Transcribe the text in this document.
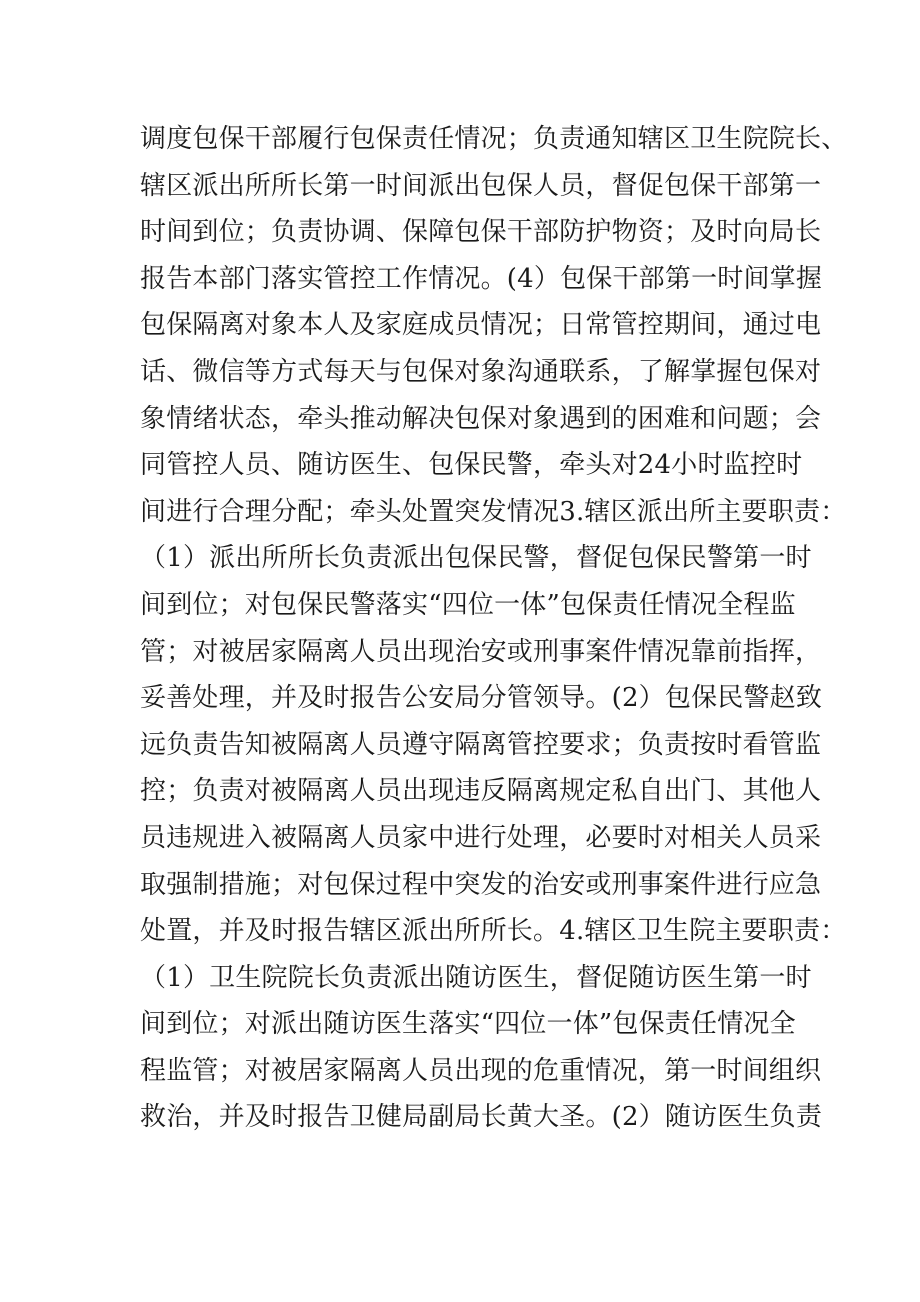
调度包保干部履行包保责任情况；负责通知辖区卫生院院长、
辖区派出所所长第一时间派出包保人员，督促包保干部第一
时间到位；负责协调、保障包保干部防护物资；及时向局长
报告本部门落实管控工作情况。(4）包保干部第一时间掌握
包保隔离对象本人及家庭成员情况；日常管控期间，通过电
话、微信等方式每天与包保对象沟通联系，了解掌握包保对
象情绪状态，牵头推动解决包保对象遇到的困难和问题；会
同管控人员、随访医生、包保民警，牵头对24小时监控时
间进行合理分配；牵头处置突发情况3.辖区派出所主要职责：
（1）派出所所长负责派出包保民警，督促包保民警第一时
间到位；对包保民警落实“四位一体”包保责任情况全程监
管；对被居家隔离人员出现治安或刑事案件情况靠前指挥，
妥善处理，并及时报告公安局分管领导。(2）包保民警赵致
远负责告知被隔离人员遵守隔离管控要求；负责按时看管监
控；负责对被隔离人员出现违反隔离规定私自出门、其他人
员违规进入被隔离人员家中进行处理，必要时对相关人员采
取强制措施；对包保过程中突发的治安或刑事案件进行应急
处置，并及时报告辖区派出所所长。4.辖区卫生院主要职责：
（1）卫生院院长负责派出随访医生，督促随访医生第一时
间到位；对派出随访医生落实“四位一体”包保责任情况全
程监管；对被居家隔离人员出现的危重情况，第一时间组织
救治，并及时报告卫健局副局长黄大圣。(2）随访医生负责
